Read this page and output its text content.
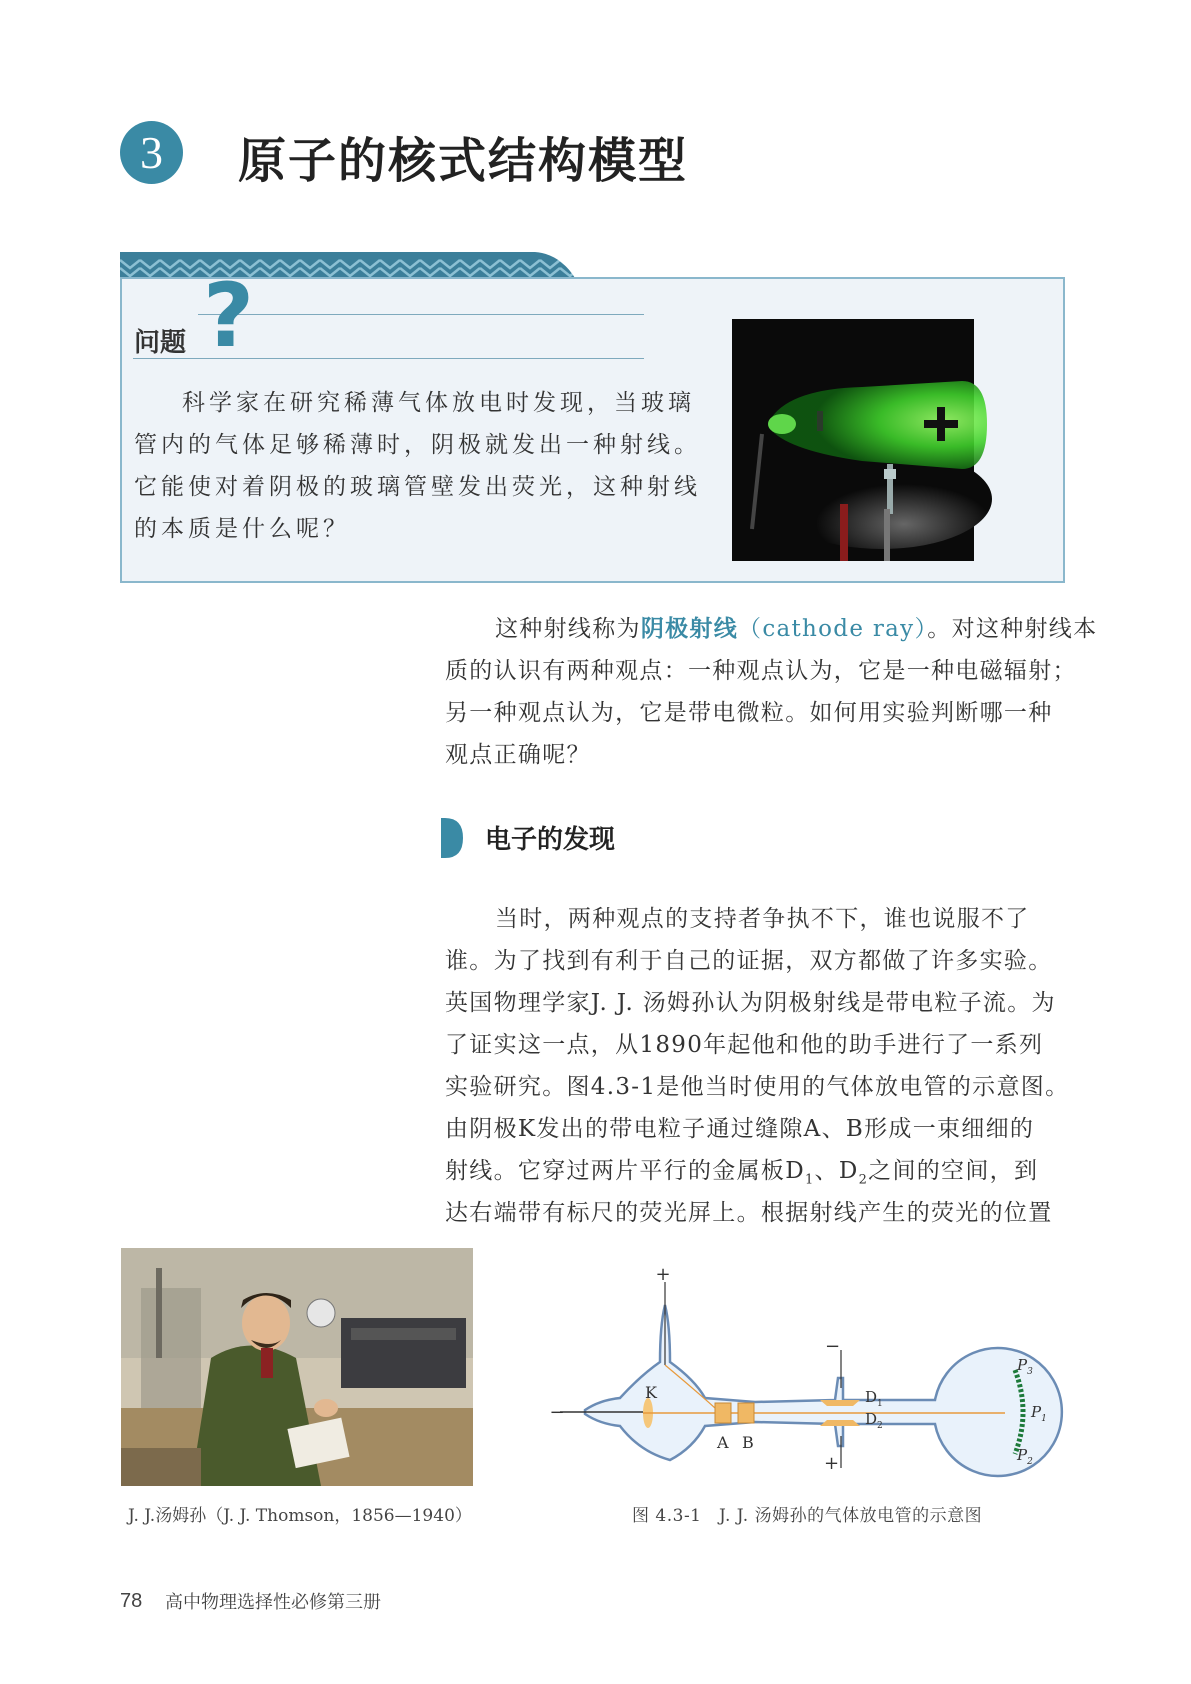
3	原子的核式结构模型
问题 ?
科学家在研究稀薄气体放电时发现，当玻璃
管内的气体足够稀薄时，阴极就发出一种射线。
它能使对着阴极的玻璃管壁发出荧光，这种射线
的本质是什么呢？
这种射线称为阴极射线（cathode ray）。对这种射线本
质的认识有两种观点：一种观点认为，它是一种电磁辐射；
另一种观点认为，它是带电微粒。如何用实验判断哪一种
观点正确呢？
电子的发现
当时，两种观点的支持者争执不下，谁也说服不了
谁。为了找到有利于自己的证据，双方都做了许多实验。
英国物理学家J. J. 汤姆孙认为阴极射线是带电粒子流。为
了证实这一点，从1890年起他和他的助手进行了一系列
实验研究。图4.3-1是他当时使用的气体放电管的示意图。
由阴极K发出的带电粒子通过缝隙A、B形成一束细细的
射线。它穿过两片平行的金属板$D_1$、$D_2$之间的空间，到
达右端带有标尺的荧光屏上。根据射线产生的荧光的位置
J. J.汤姆孙（J. J. Thomson，1856—1940）
+
−
K
A B
−
+
$D_1$
$D_2$
$P_3$
$P_1$
$P_2$
图 4.3-1　J. J. 汤姆孙的气体放电管的示意图
78 高中物理选择性必修第三册
